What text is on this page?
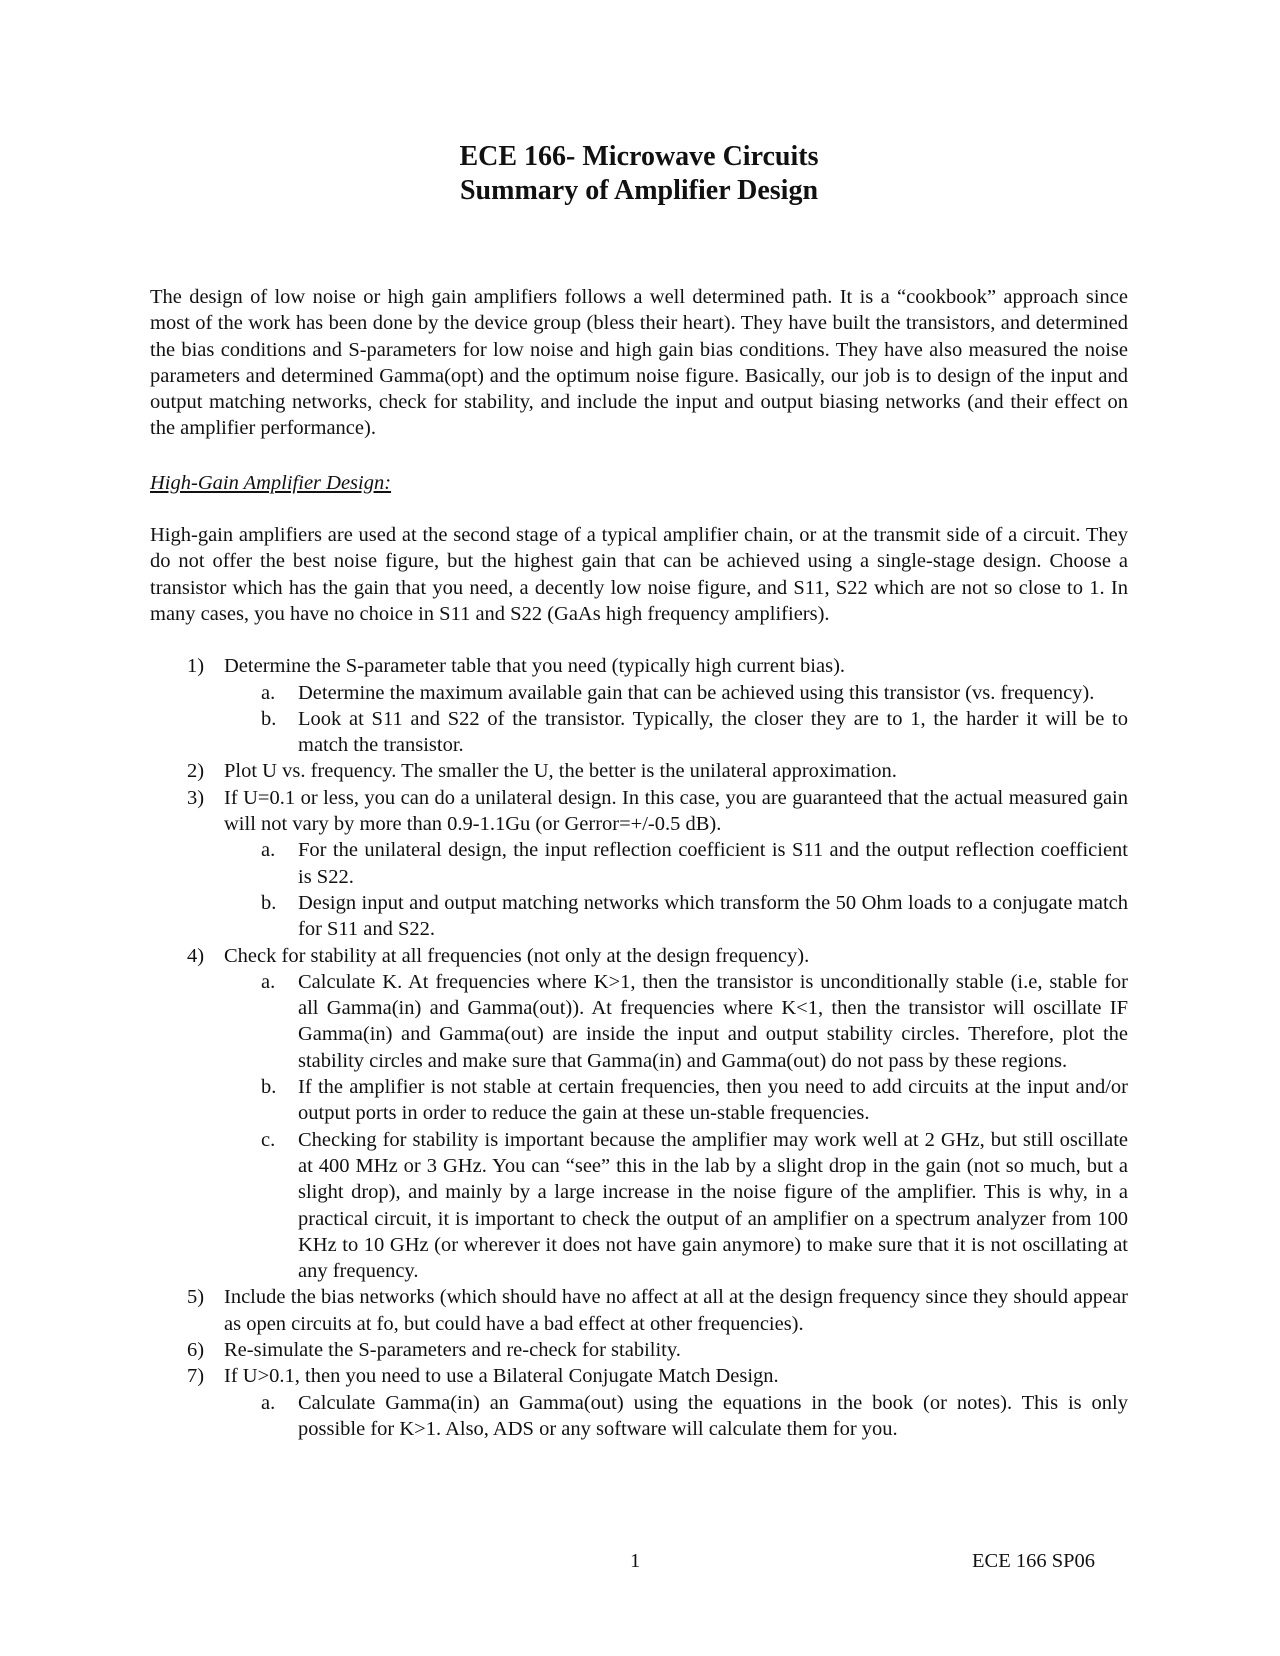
ECE 166- Microwave Circuits
Summary of Amplifier Design

The design of low noise or high gain amplifiers follows a well determined path. It is a “cookbook” approach since most of the work has been done by the device group (bless their heart). They have built the transistors, and determined the bias conditions and S-parameters for low noise and high gain bias conditions. They have also measured the noise parameters and determined Gamma(opt) and the optimum noise figure. Basically, our job is to design of the input and output matching networks, check for stability, and include the input and output biasing networks (and their effect on the amplifier performance).

High-Gain Amplifier Design:

High-gain amplifiers are used at the second stage of a typical amplifier chain, or at the transmit side of a circuit. They do not offer the best noise figure, but the highest gain that can be achieved using a single-stage design. Choose a transistor which has the gain that you need, a decently low noise figure, and S11, S22 which are not so close to 1. In many cases, you have no choice in S11 and S22 (GaAs high frequency amplifiers).

1) Determine the S-parameter table that you need (typically high current bias).
a. Determine the maximum available gain that can be achieved using this transistor (vs. frequency).
b. Look at S11 and S22 of the transistor. Typically, the closer they are to 1, the harder it will be to match the transistor.
2) Plot U vs. frequency. The smaller the U, the better is the unilateral approximation.
3) If U=0.1 or less, you can do a unilateral design. In this case, you are guaranteed that the actual measured gain will not vary by more than 0.9-1.1Gu (or Gerror=+/-0.5 dB).
a. For the unilateral design, the input reflection coefficient is S11 and the output reflection coefficient is S22.
b. Design input and output matching networks which transform the 50 Ohm loads to a conjugate match for S11 and S22.
4) Check for stability at all frequencies (not only at the design frequency).
a. Calculate K. At frequencies where K>1, then the transistor is unconditionally stable (i.e, stable for all Gamma(in) and Gamma(out)). At frequencies where K<1, then the transistor will oscillate IF Gamma(in) and Gamma(out) are inside the input and output stability circles. Therefore, plot the stability circles and make sure that Gamma(in) and Gamma(out) do not pass by these regions.
b. If the amplifier is not stable at certain frequencies, then you need to add circuits at the input and/or output ports in order to reduce the gain at these un-stable frequencies.
c. Checking for stability is important because the amplifier may work well at 2 GHz, but still oscillate at 400 MHz or 3 GHz. You can “see” this in the lab by a slight drop in the gain (not so much, but a slight drop), and mainly by a large increase in the noise figure of the amplifier. This is why, in a practical circuit, it is important to check the output of an amplifier on a spectrum analyzer from 100 KHz to 10 GHz (or wherever it does not have gain anymore) to make sure that it is not oscillating at any frequency.
5) Include the bias networks (which should have no affect at all at the design frequency since they should appear as open circuits at fo, but could have a bad effect at other frequencies).
6) Re-simulate the S-parameters and re-check for stability.
7) If U>0.1, then you need to use a Bilateral Conjugate Match Design.
a. Calculate Gamma(in) an Gamma(out) using the equations in the book (or notes). This is only possible for K>1. Also, ADS or any software will calculate them for you.
1	ECE 166 SP06
